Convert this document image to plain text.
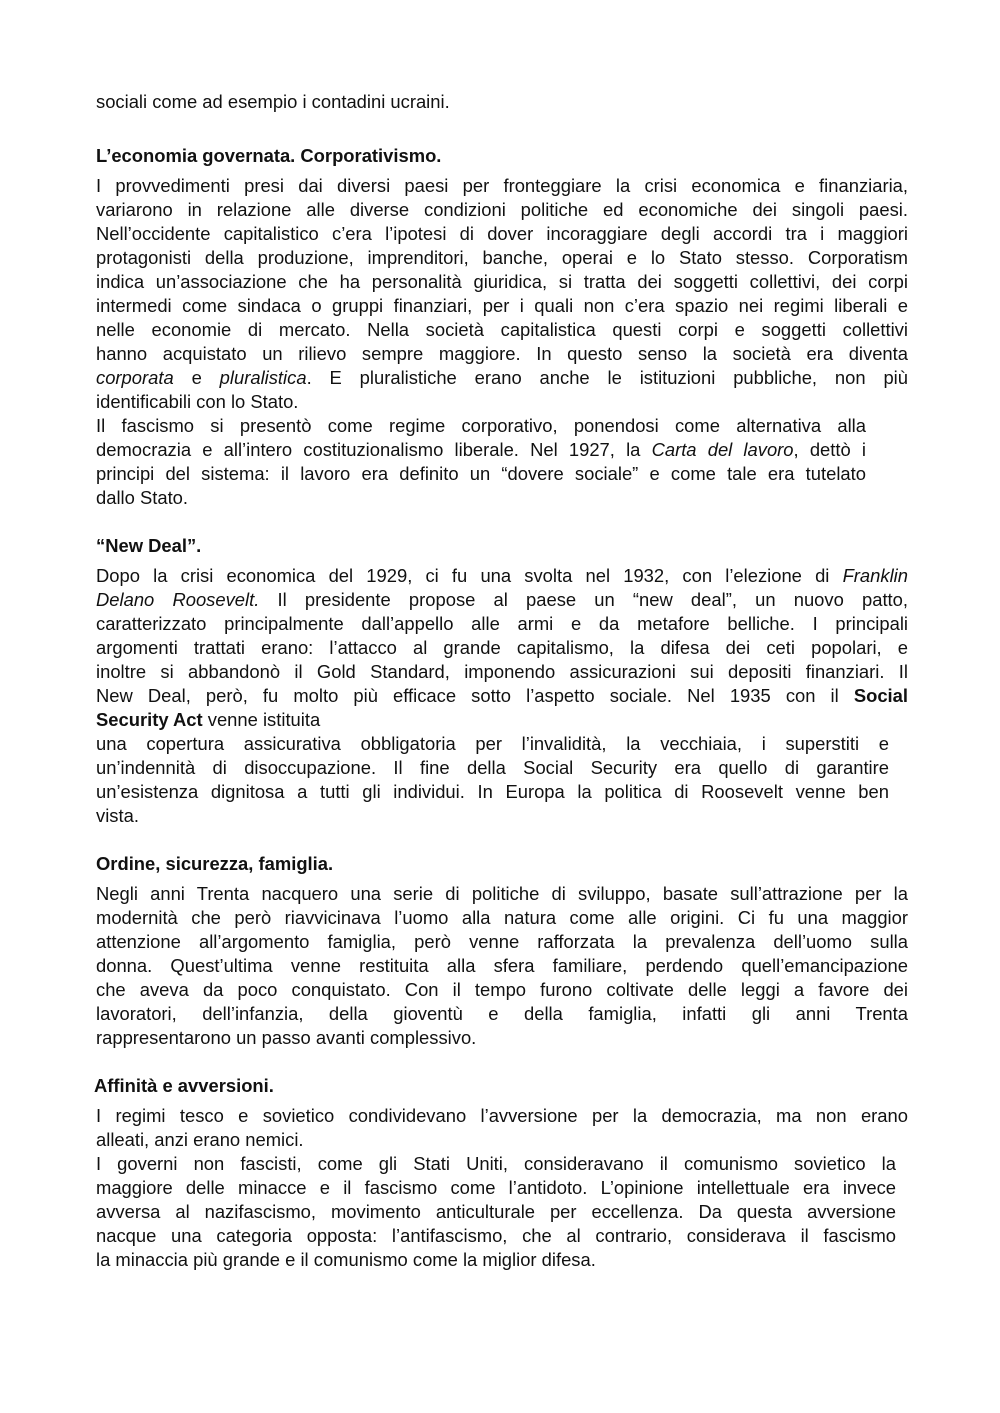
sociali come ad esempio i contadini ucraini.

L’economia governata. Corporativismo.

I provvedimenti presi dai diversi paesi per fronteggiare la crisi economica e finanziaria,
variarono in relazione alle diverse condizioni politiche ed economiche dei singoli paesi.
Nell’occidente capitalistico c’era l’ipotesi di dover incoraggiare degli accordi tra i maggiori
protagonisti della produzione, imprenditori, banche, operai e lo Stato stesso. Corporatism
indica un’associazione che ha personalità giuridica, si tratta dei soggetti collettivi, dei corpi
intermedi come sindaca o gruppi finanziari, per i quali non c’era spazio nei regimi liberali e
nelle economie di mercato. Nella società capitalistica questi corpi e soggetti collettivi
hanno acquistato un rilievo sempre maggiore. In questo senso la società era diventa
corporata e pluralistica. E pluralistiche erano anche le istituzioni pubbliche, non più
identificabili con lo Stato.
Il fascismo si presentò come regime corporativo, ponendosi come alternativa alla
democrazia e all’intero costituzionalismo liberale. Nel 1927, la Carta del lavoro, dettò i
principi del sistema: il lavoro era definito un “dovere sociale” e come tale era tutelato
dallo Stato.

“New Deal”.

Dopo la crisi economica del 1929, ci fu una svolta nel 1932, con l’elezione di Franklin
Delano Roosevelt. Il presidente propose al paese un “new deal”, un nuovo patto,
caratterizzato principalmente dall’appello alle armi e da metafore belliche. I principali
argomenti trattati erano: l’attacco al grande capitalismo, la difesa dei ceti popolari, e
inoltre si abbandonò il Gold Standard, imponendo assicurazioni sui depositi finanziari. Il
New Deal, però, fu molto più efficace sotto l’aspetto sociale. Nel 1935 con il Social
Security Act venne istituita
una copertura assicurativa obbligatoria per l’invalidità, la vecchiaia, i superstiti e
un’indennità di disoccupazione. Il fine della Social Security era quello di garantire
un’esistenza dignitosa a tutti gli individui. In Europa la politica di Roosevelt venne ben
vista.

Ordine, sicurezza, famiglia.

Negli anni Trenta nacquero una serie di politiche di sviluppo, basate sull’attrazione per la
modernità che però riavvicinava l’uomo alla natura come alle origini. Ci fu una maggior
attenzione all’argomento famiglia, però venne rafforzata la prevalenza dell’uomo sulla
donna. Quest’ultima venne restituita alla sfera familiare, perdendo quell’emancipazione
che aveva da poco conquistato. Con il tempo furono coltivate delle leggi a favore dei
lavoratori, dell’infanzia, della gioventù e della famiglia, infatti gli anni Trenta
rappresentarono un passo avanti complessivo.

Affinità e avversioni.

I regimi tesco e sovietico condividevano l’avversione per la democrazia, ma non erano
alleati, anzi erano nemici.
I governi non fascisti, come gli Stati Uniti, consideravano il comunismo sovietico la
maggiore delle minacce e il fascismo come l’antidoto. L’opinione intellettuale era invece
avversa al nazifascismo, movimento anticulturale per eccellenza. Da questa avversione
nacque una categoria opposta: l’antifascismo, che al contrario, considerava il fascismo
la minaccia più grande e il comunismo come la miglior difesa.
